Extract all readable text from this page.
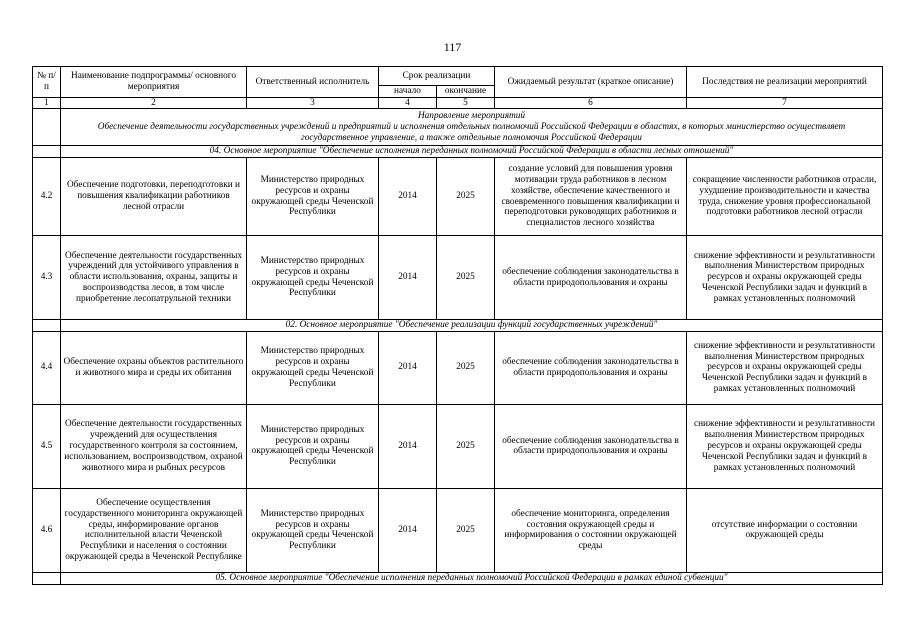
117
№ п/п	Наименование подпрограммы/ основного мероприятия	Ответственный исполнитель	Срок реализации		Ожидаемый результат (краткое описание)	Последствия не реализации мероприятий
			начало	окончание		
1	2	3	4	5	6	7

	Направление мероприятий
Обеспечение деятельности государственных учреждений и предприятий и исполнения отдельных полномочий Российской Федерации в областях, в которых министерство осуществляет государственное управление, а также отдельные полномочия Российской Федерации					

	04. Основное мероприятие "Обеспечение исполнения переданных полномочий Российской Федерации в области лесных отношений"					
4.2	Обеспечение подготовки, переподготовки и повышения квалификации работников лесной отрасли	Министерство природных ресурсов и охраны окружающей среды Чеченской Республики	2014	2025	создание условий для повышения уровня мотивации труда работников в лесном хозяйстве, обеспечение качественного и своевременного повышения квалификации и переподготовки руководящих работников и специалистов лесного хозяйства	сокращение численности работников отрасли, ухудшение производительности и качества труда, снижение уровня профессиональной подготовки работников лесной отрасли
4.3	Обеспечение деятельности государственных учреждений для устойчивого управления в области использования, охраны, защиты и воспроизводства лесов, в том числе приобретение лесопатрульной техники	Министерство природных ресурсов и охраны окружающей среды Чеченской Республики	2014	2025	обеспечение соблюдения законодательства в области природопользования и охраны	снижение эффективности и результативности выполнения Министерством природных ресурсов и охраны окружающей среды Чеченской Республики задач и функций в рамках установленных полномочий
	02. Основное мероприятие "Обеспечение реализации функций государственных учреждений"					
4.4	Обеспечение охраны объектов растительного и животного мира и среды их обитания	Министерство природных ресурсов и охраны окружающей среды Чеченской Республики	2014	2025	обеспечение соблюдения законодательства в области природопользования и охраны	снижение эффективности и результативности выполнения Министерством природных ресурсов и охраны окружающей среды Чеченской Республики задач и функций в рамках установленных полномочий
4.5	Обеспечение деятельности государственных учреждений для осуществления государственного контроля за состоянием, использованием, воспроизводством, охраной животного мира и рыбных ресурсов	Министерство природных ресурсов и охраны окружающей среды Чеченской Республики	2014	2025	обеспечение соблюдения законодательства в области природопользования и охраны	снижение эффективности и результативности выполнения Министерством природных ресурсов и охраны окружающей среды Чеченской Республики задач и функций в рамках установленных полномочий
4.6	Обеспечение осуществления государственного мониторинга окружающей среды, информирование органов исполнительной власти Чеченской Республики и населения о состоянии окружающей среды в Чеченской Республике	Министерство природных ресурсов и охраны окружающей среды Чеченской Республики	2014	2025	обеспечение мониторинга, определения состояния окружающей среды и информирования о состоянии окружающей среды	отсутствие информации о состоянии окружающей среды
	05. Основное мероприятие "Обеспечение исполнения переданных полномочий Российской Федерации в рамках единой субвенции"					
